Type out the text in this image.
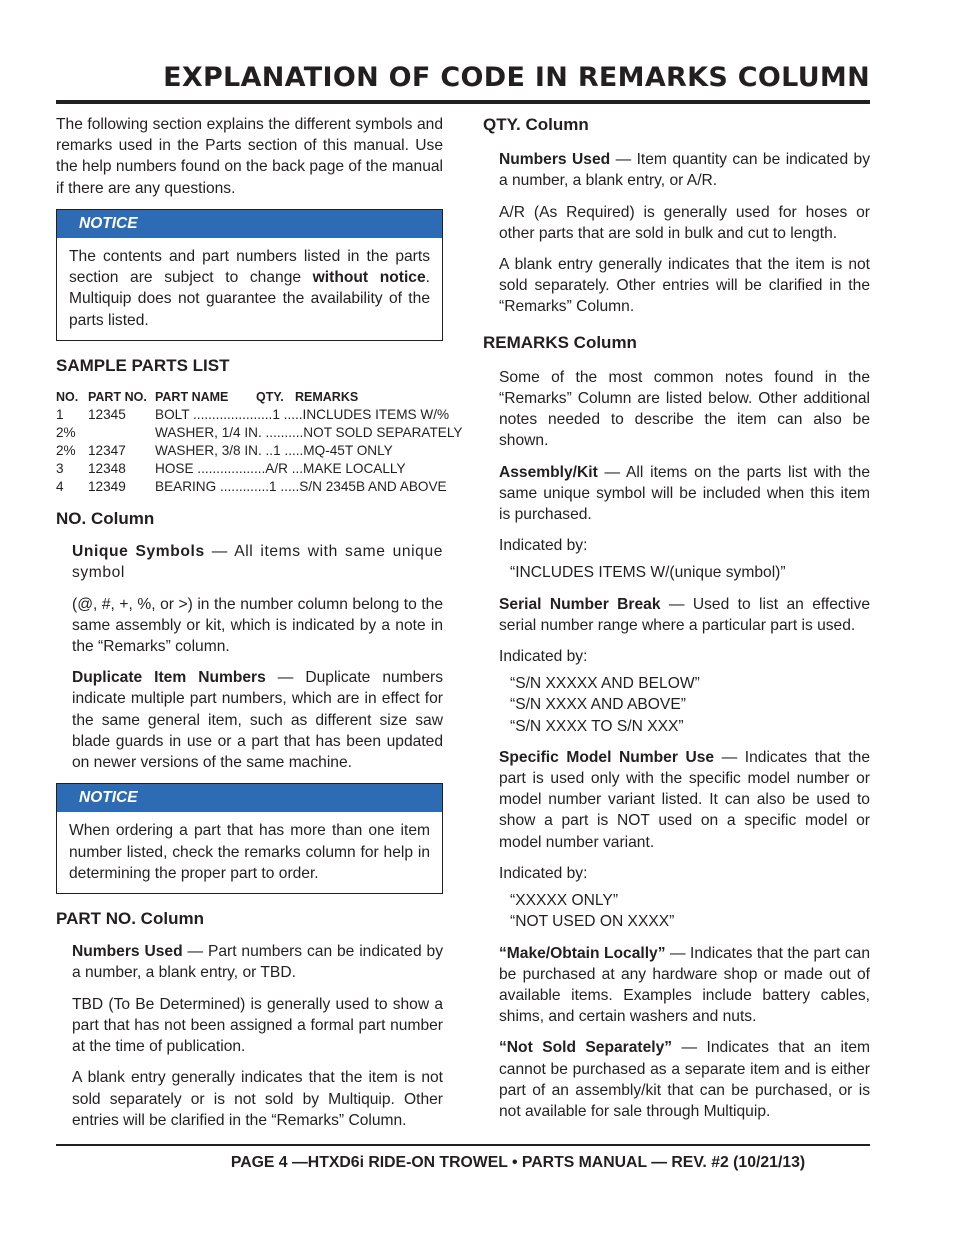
EXPLANATION OF CODE IN REMARKS COLUMN

The following section explains the different symbols and remarks used in the Parts section of this manual. Use the help numbers found on the back page of the manual if there are any questions.

NOTICE
The contents and part numbers listed in the parts section are subject to change without notice. Multiquip does not guarantee the availability of the parts listed.
SAMPLE PARTS LIST
NO. PART NO. PART NAME QTY. REMARKS
1 12345 BOLT .....................1 .....INCLUDES ITEMS W/%
2%	WASHER, 1/4 IN. ..........NOT SOLD SEPARATELY
2% 12347 WASHER, 3/8 IN. ..1 .....MQ-45T ONLY
3 12348 HOSE ..................A/R ...MAKE LOCALLY
4 12349 BEARING .............1 .....S/N 2345B AND ABOVE
NO. Column

Unique Symbols — All items with same unique symbol

(@, #, +, %, or >) in the number column belong to the same assembly or kit, which is indicated by a note in the “Remarks” column.

Duplicate Item Numbers — Duplicate numbers indicate multiple part numbers, which are in effect for the same general item, such as different size saw blade guards in use or a part that has been updated on newer versions of the same machine.

NOTICE
When ordering a part that has more than one item number listed, check the remarks column for help in determining the proper part to order.
PART NO. Column

Numbers Used — Part numbers can be indicated by a number, a blank entry, or TBD.

TBD (To Be Determined) is generally used to show a part that has not been assigned a formal part number at the time of publication.

A blank entry generally indicates that the item is not sold separately or is not sold by Multiquip. Other entries will be clarified in the “Remarks” Column.

QTY. Column

Numbers Used — Item quantity can be indicated by a number, a blank entry, or A/R.

A/R (As Required) is generally used for hoses or other parts that are sold in bulk and cut to length.

A blank entry generally indicates that the item is not sold separately. Other entries will be clarified in the “Remarks” Column.

REMARKS Column

Some of the most common notes found in the “Remarks” Column are listed below. Other additional notes needed to describe the item can also be shown.

Assembly/Kit — All items on the parts list with the same unique symbol will be included when this item is purchased.

Indicated by:

“INCLUDES ITEMS W/(unique symbol)”

Serial Number Break — Used to list an effective serial number range where a particular part is used.

Indicated by:

“S/N XXXXX AND BELOW”
“S/N XXXX AND ABOVE”
“S/N XXXX TO S/N XXX”

Specific Model Number Use — Indicates that the part is used only with the specific model number or model number variant listed. It can also be used to show a part is NOT used on a specific model or model number variant.

Indicated by:

“XXXXX ONLY”
“NOT USED ON XXXX”

“Make/Obtain Locally” — Indicates that the part can be purchased at any hardware shop or made out of available items. Examples include battery cables, shims, and certain washers and nuts.

“Not Sold Separately” — Indicates that an item cannot be purchased as a separate item and is either part of an assembly/kit that can be purchased, or is not available for sale through Multiquip.

PAGE 4 —HTXD6i RIDE-ON TROWEL • PARTS MANUAL — REV. #2 (10/21/13)
